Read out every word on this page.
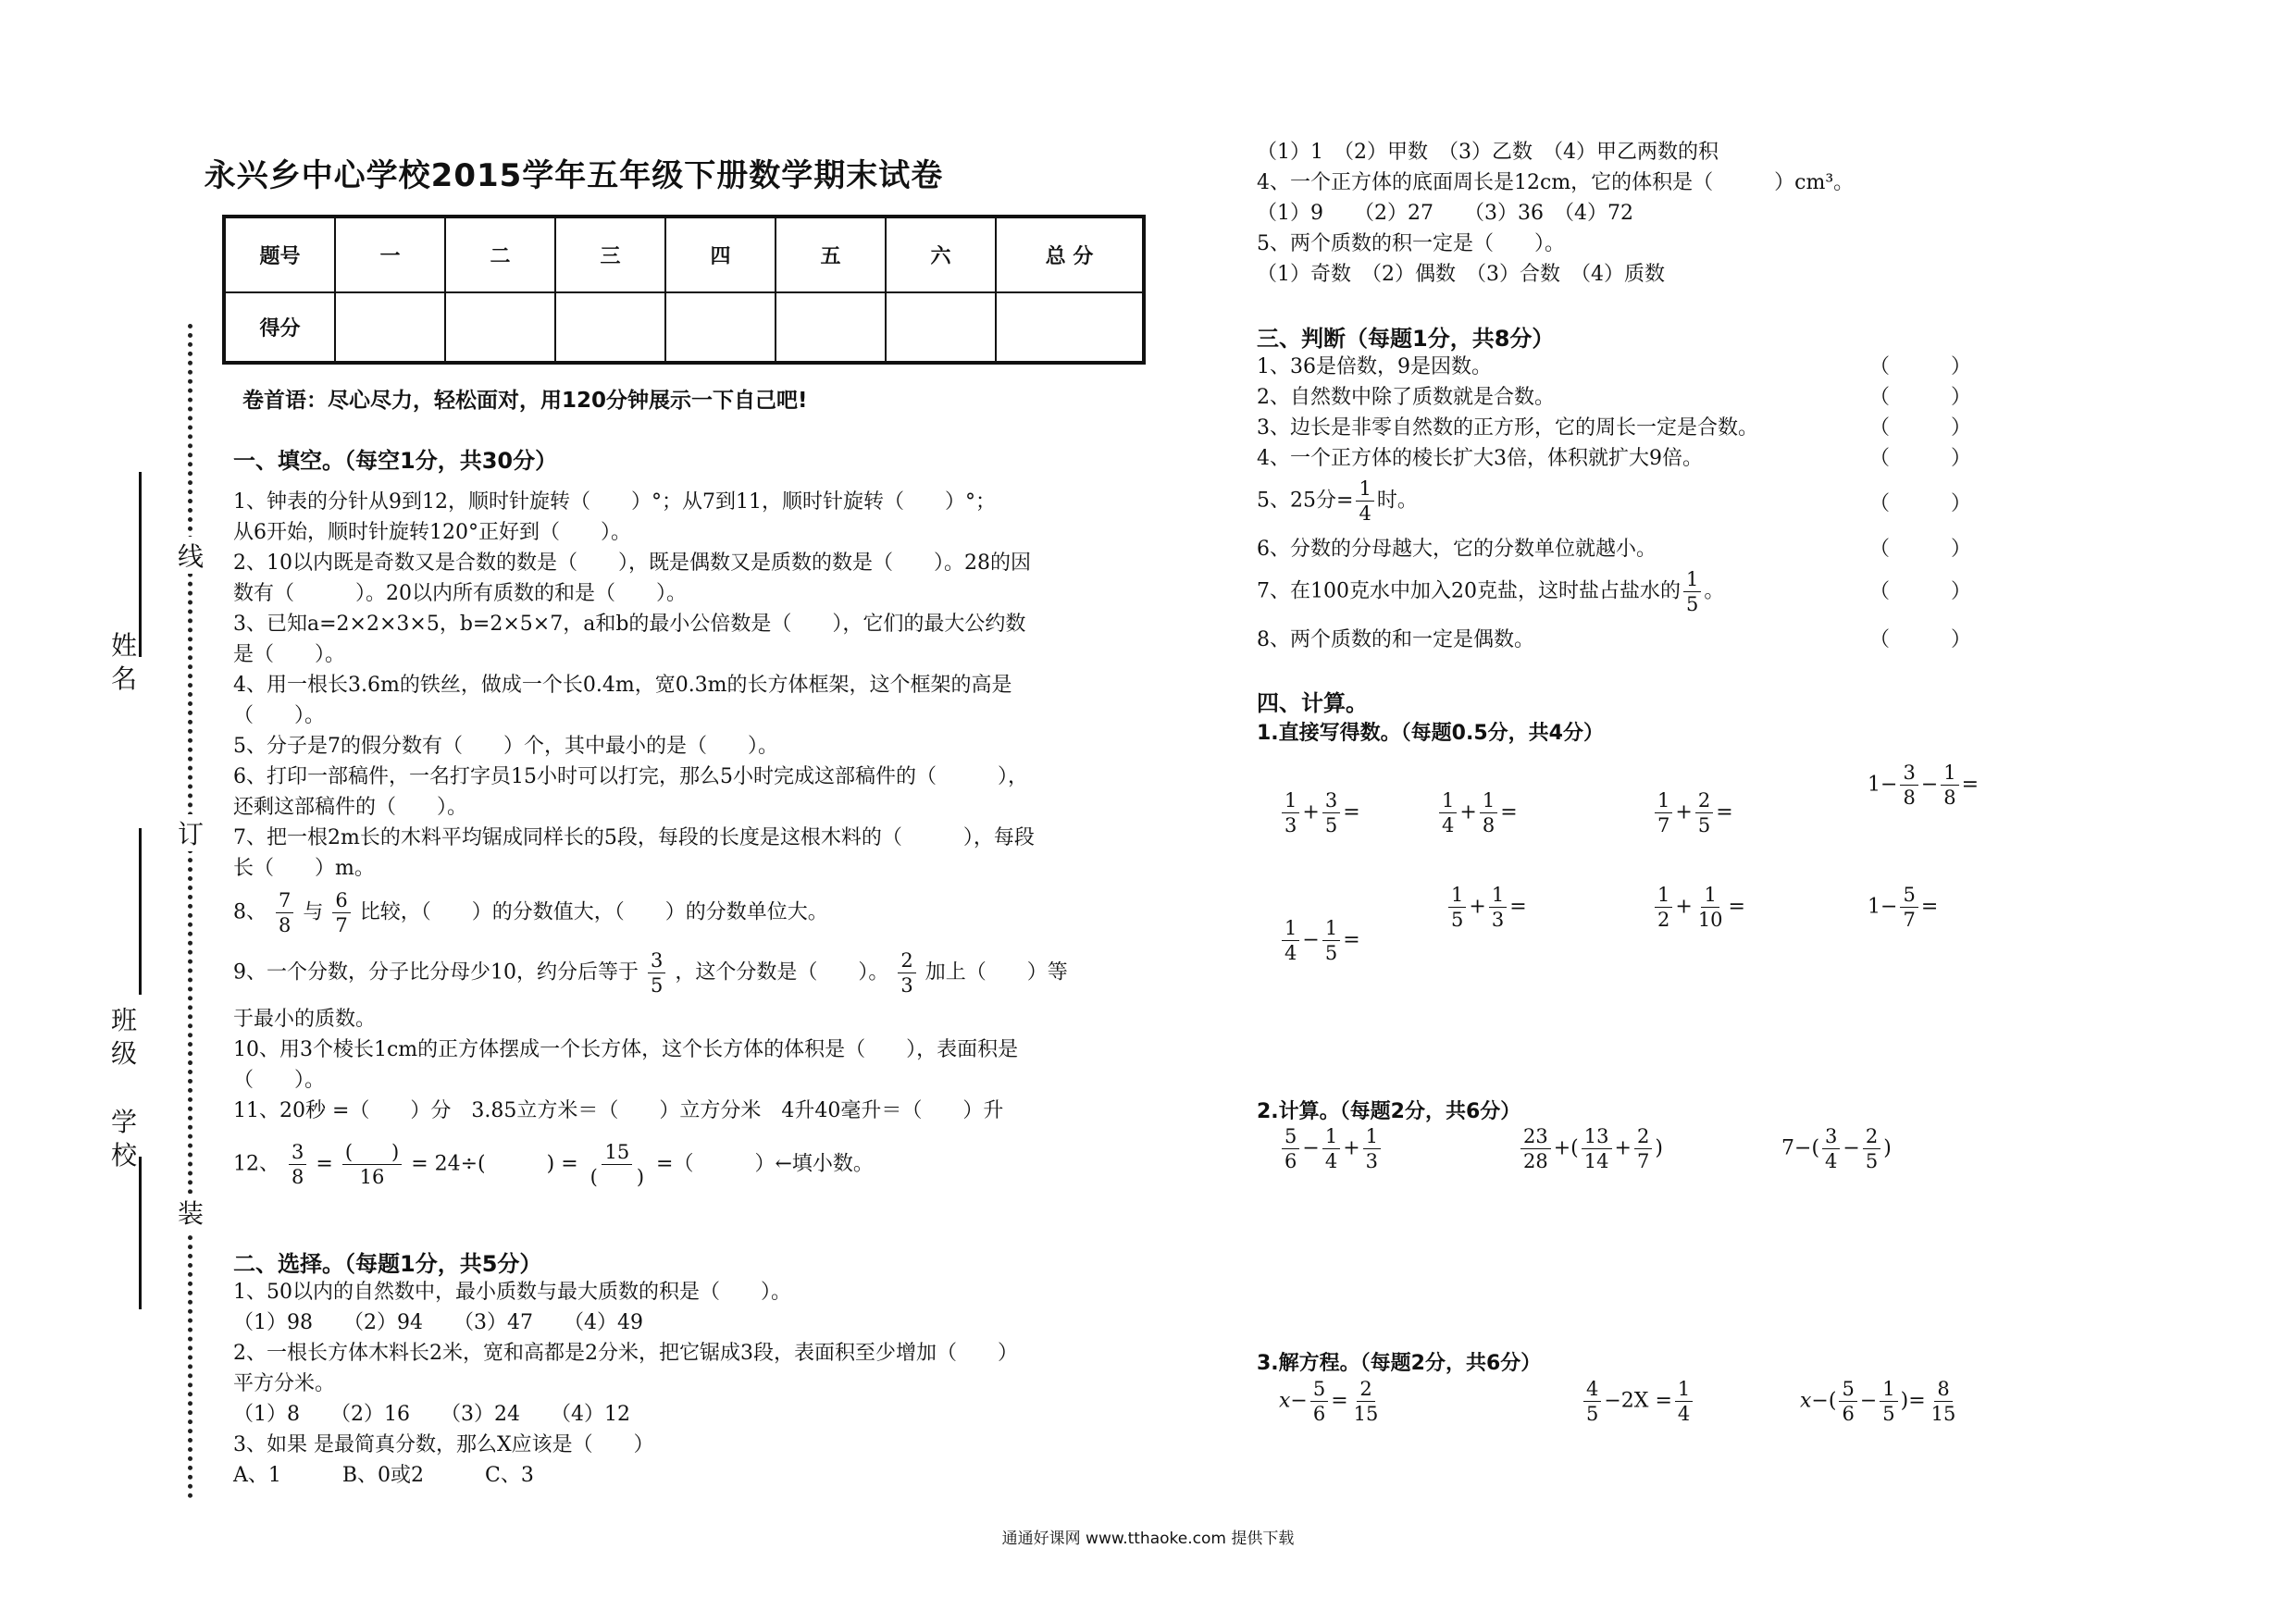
永兴乡中心学校2015学年五年级下册数学期末试卷
题号	一	二	三	四	五	六	总 分
得分							
卷首语：尽心尽力，轻松面对，用120分钟展示一下自己吧!
姓名
班级
学校
线
订
装
一、填空。（每空1分，共30分）
1、钟表的分针从9到12，顺时针旋转（　　）°；从7到11，顺时针旋转（　　）°；
从6开始，顺时针旋转120°正好到（　　）。
2、10以内既是奇数又是合数的数是（　　），既是偶数又是质数的数是（　　）。28的因
数有（　　　）。20以内所有质数的和是（　　）。
3、已知a=2×2×3×5，b=2×5×7，a和b的最小公倍数是（　　），它们的最大公约数
是（　　）。
4、用一根长3.6m的铁丝，做成一个长0.4m，宽0.3m的长方体框架，这个框架的高是
（　　）。
5、分子是7的假分数有（　　）个，其中最小的是（　　）。
6、打印一部稿件，一名打字员15小时可以打完，那么5小时完成这部稿件的（　　　），
还剩这部稿件的（　　）。
7、把一根2m长的木料平均锯成同样长的5段，每段的长度是这根木料的（　　　），每段
长（　　）m。
8、 $\frac{7}{8}$ 与 $\frac{6}{7}$ 比较，（　　）的分数值大，（　　）的分数单位大。
9、一个分数，分子比分母少10，约分后等于 $\frac{3}{5}$ ，这个分数是（　　）。 $\frac{2}{3}$ 加上（　　）等
于最小的质数。
10、用3个棱长1cm的正方体摆成一个长方体，这个长方体的体积是（　　），表面积是
（　　）。
11、20秒 =（　　）分　3.85立方米＝（　　）立方分米　4升40毫升＝（　　）升
12、 $\frac{3}{8} = \frac{( )}{16} = 24\div$(　　　) = $\frac{15}{( )}$ =（　　　）←填小数。
二、选择。（每题1分，共5分）
1、50以内的自然数中，最小质数与最大质数的积是（　　）。
（1）98　　（2）94　　（3）47　　（4）49
2、一根长方体木料长2米，宽和高都是2分米，把它锯成3段，表面积至少增加（　　）
平方分米。
（1）8　　（2）16　　（3）24　　（4）12
3、如果 是最简真分数，那么X应该是（　　）
A、1　　　B、0或2　　　C、3
（1）1　（2）甲数　（3）乙数　（4）甲乙两数的积
4、一个正方体的底面周长是12cm，它的体积是（　　　）cm³。
（1）9　　（2）27　　（3）36　（4）72
5、两个质数的积一定是（　　）。
（1）奇数　（2）偶数　（3）合数　（4）质数
三、判断（每题1分，共8分）
1、36是倍数，9是因数。	（　　　）
2、自然数中除了质数就是合数。	（　　　）
3、边长是非零自然数的正方形，它的周长一定是合数。	（　　　）
4、一个正方体的棱长扩大3倍，体积就扩大9倍。	（　　　）
5、25分= $\frac{1}{4}$ 时。	（　　　）
6、分数的分母越大，它的分数单位就越小。	（　　　）
7、在100克水中加入20克盐，这时盐占盐水的 $\frac{1}{5}$ 。	（　　　）
8、两个质数的和一定是偶数。	（　　　）
四、计算。
1.直接写得数。（每题0.5分，共4分）
$\frac{1}{3} + \frac{3}{5}$ =	$\frac{1}{4} + \frac{1}{8}$ =	$\frac{1}{7} + \frac{2}{5}$ =
$1- \frac{3}{8} - \frac{1}{8}$ =
$\frac{1}{4} - \frac{1}{5}$ =
$\frac{1}{5} + \frac{1}{3}$ =	$\frac{1}{2} + \frac{1}{10}$ =	$1- \frac{5}{7}$ =
2.计算。（每题2分，共6分）
$\frac{5}{6} - \frac{1}{4} + \frac{1}{3}$	$\frac{23}{28}$ +( $\frac{13}{14} + \frac{2}{7}$ )	$7-( \frac{3}{4} - \frac{2}{5}$ )
3.解方程。（每题2分，共6分）
$x- \frac{5}{6} = \frac{2}{15}$	$\frac{4}{5} -2X = \frac{1}{4}$	$x-( \frac{5}{6} - \frac{1}{5}$ )= $\frac{8}{15}$
通通好课网 www.tthaoke.com 提供下载
